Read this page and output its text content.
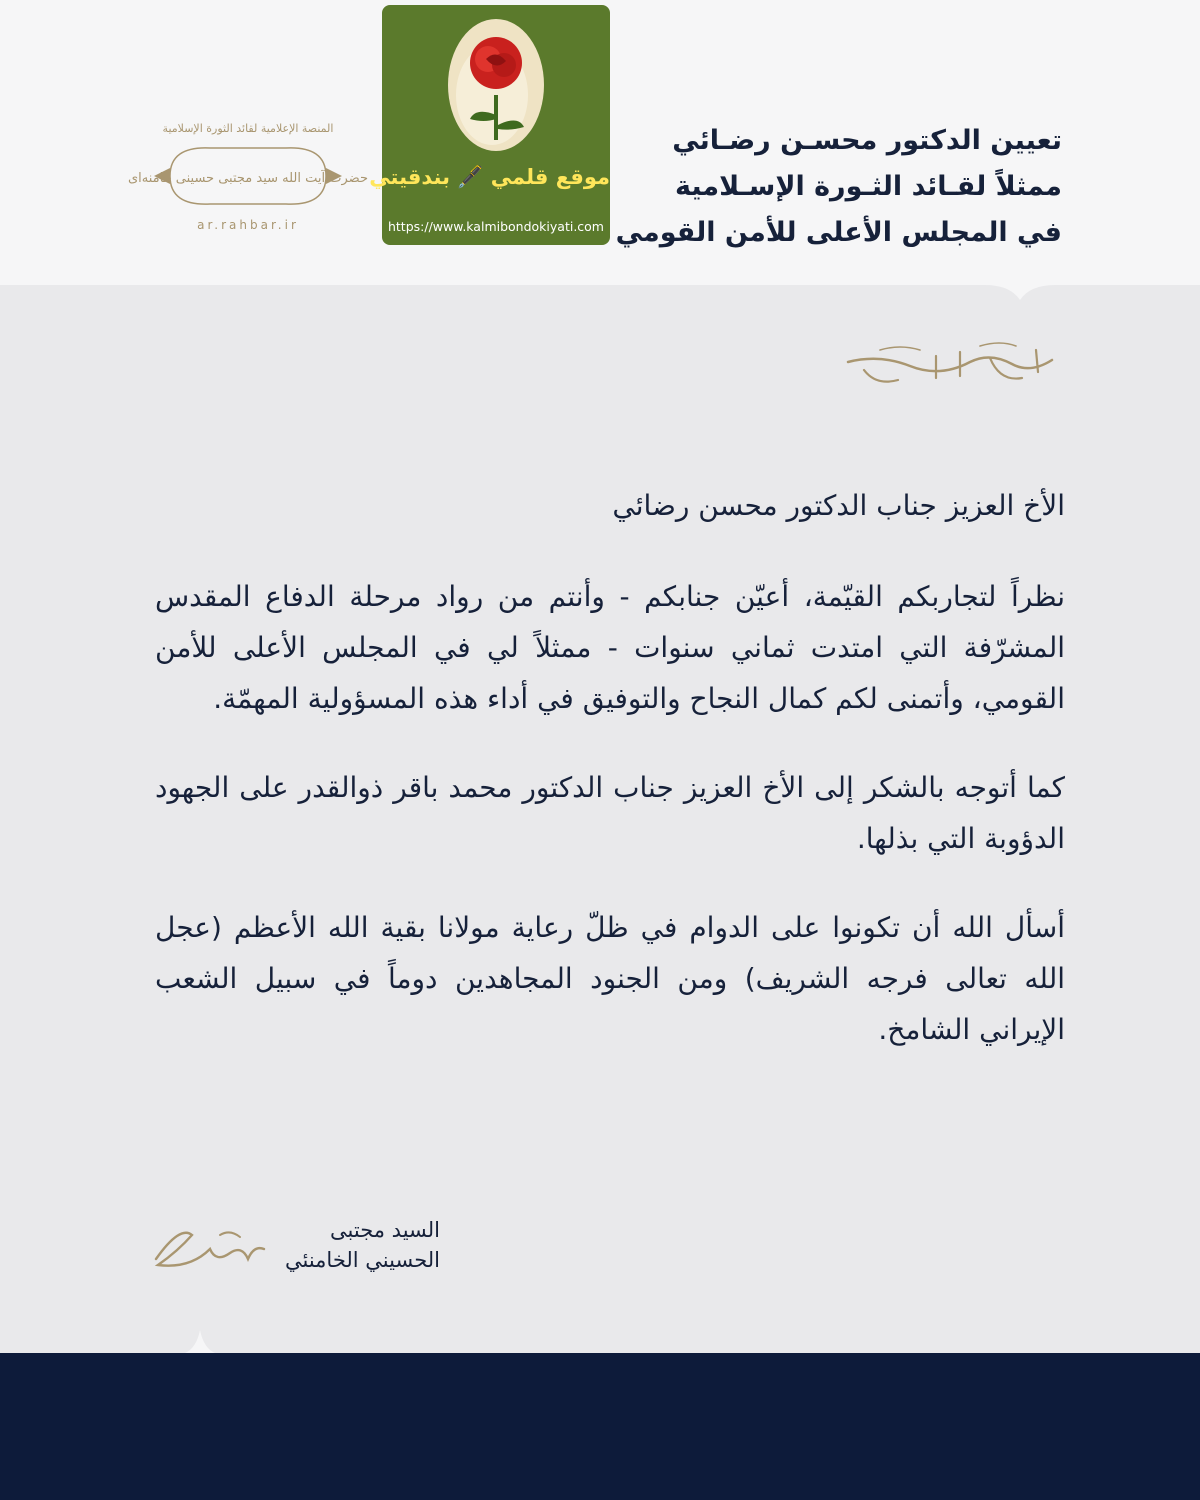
تعيين الدكتور محسـن رضـائي
ممثلاً لقـائد الثـورة الإسـلامية
في المجلس الأعلى للأمن القومي
موقع قلمي 🖋️ بندقيتي
https://www.kalmibondokiyati.com
المنصة الإعلامية لقائد الثورة الإسلامية
حضرت آیت الله سید مجتبی حسینی خامنه‌ای
ar.rahbar.ir
بسم الله الرحمن الرحيم

الأخ العزيز جناب الدكتور محسن رضائي

نظراً لتجاربكم القيّمة، أعيّن جنابكم - وأنتم من رواد مرحلة الدفاع المقدس المشرّفة التي امتدت ثماني سنوات - ممثلاً لي في المجلس الأعلى للأمن القومي، وأتمنى لكم كمال النجاح والتوفيق في أداء هذه المسؤولية المهمّة.

كما أتوجه بالشكر إلى الأخ العزيز جناب الدكتور محمد باقر ذوالقدر على الجهود الدؤوبة التي بذلها.

أسأل الله أن تكونوا على الدوام في ظلّ رعاية مولانا بقية الله الأعظم (عجل الله تعالى فرجه الشريف) ومن الجنود المجاهدين دوماً في سبيل الشعب الإيراني الشامخ.

السيد مجتبى
الحسيني الخامنئي
